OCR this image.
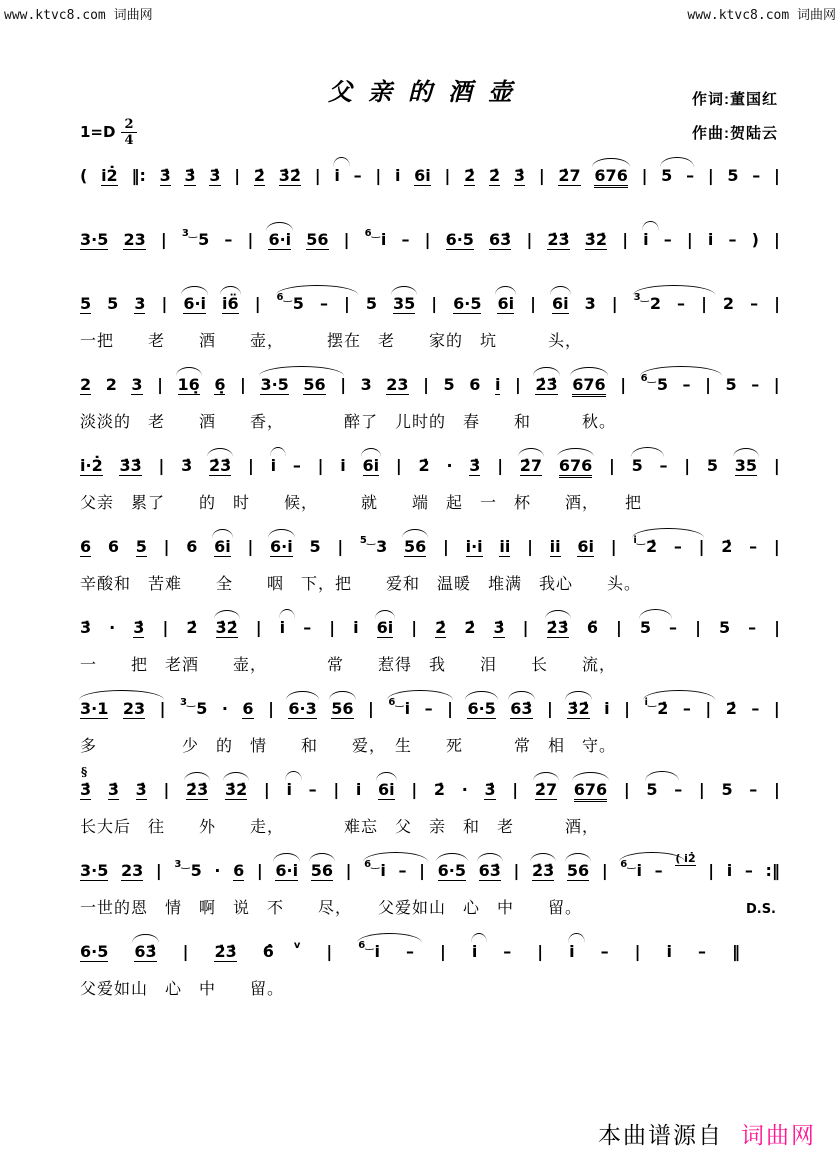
www.ktvc8.com 词曲网	www.ktvc8.com 词曲网
父亲的酒壶	作词:董国红
作曲:贺陆云
$1=D \frac{2}{4}$
( i2̇ ‖: 3̇ 3̇ 3̇ | 2̇ 3̇2̇ | i – | i 6i | 2̇ 2̇ 3̇ | 2̇7 676 | 5 – | 5 – |
3·5 23 | $^{3‿}$5 – | 6·i 56 | $^{6‿}$i – | 6·5 63̇ | 2̇3̇ 3̇2̇ | i – | i – ) |
5 5 3 | 6·i i6̈ | $^{6‿}$5 – | 5 35 | 6·5 6i | 6i 3 | $^{3‿}$2 – | 2 – |
一把　　老　　酒　　壶，　　　摆在　老　　家的　坑　　　头，
2 2 3 | 16̣ 6̣ | 3·5 56 | 3 23 | 5 6 i | 2̇3̇ 676 | $^{6‿}$5 – | 5 – |
淡淡的　老　　酒　　香，　　　　醉了　儿时的　春　　和　　　秋。
i·2̇ 3̇3̇ | 3̇ 2̇3̇ | i – | i 6i | 2̇ · 3̇ | 2̇7 676 | 5 – | 5 35 |
父亲　累了　　的　时　　候，　　　就　　端　起　一　杯　　酒，　　把
6 6 5 | 6 6i | 6·i 5 | $^{5‿}$3 56 | i·i ii | ii 6i | $^{i‿}$2̇ – | 2̇ – |
辛酸和　苦难　　全　　咽　下，把　　爱和　温暖　堆满　我心　　头。
3̇ · 3̇ | 2̇ 3̇2̇ | i – | i 6i | 2̇ 2̇ 3̇ | 2̇3̇ 6̈ | 5 – | 5 – |
一　　把　老酒　　壶，　　　　常　　惹得　我　　泪　　长　　流，
3·1 23 | $^{3‿}$5 · 6 | 6·3 56 | $^{6‿}$i – | 6·5 63̇ | 3̇2̇ i | $^{i‿}$2̇ – | 2̇ – |
多　　　　　少　的　情　　和　　爱，　生　　死　　　常　相　守。
§
3̇ 3̇ 3̇ | 2̇3̇ 3̇2̇ | i – | i 6i | 2̇ · 3̇ | 2̇7 676 | 5 – | 5 – |
长大后　往　　外　　走，　　　　难忘　父　亲　和　老　　　酒，
3·5 23 | $^{3‿}$5 · 6 | 6·i 56 | $^{6‿}$i – | 6·5 63̇ | 2̇3̇ 56 | $^{6‿}$i –
( i2̇
| i – :‖
一世的恩　情　啊　说　不　　尽，　　父爱如山　心　中　　留。	D.S.
6·5 63̇ | 2̇3̇ 6̂ v |	$^{6‿}$i – | i – | i – | i – ‖
父爱如山　心　中　　留。
本曲谱源自 词曲网
